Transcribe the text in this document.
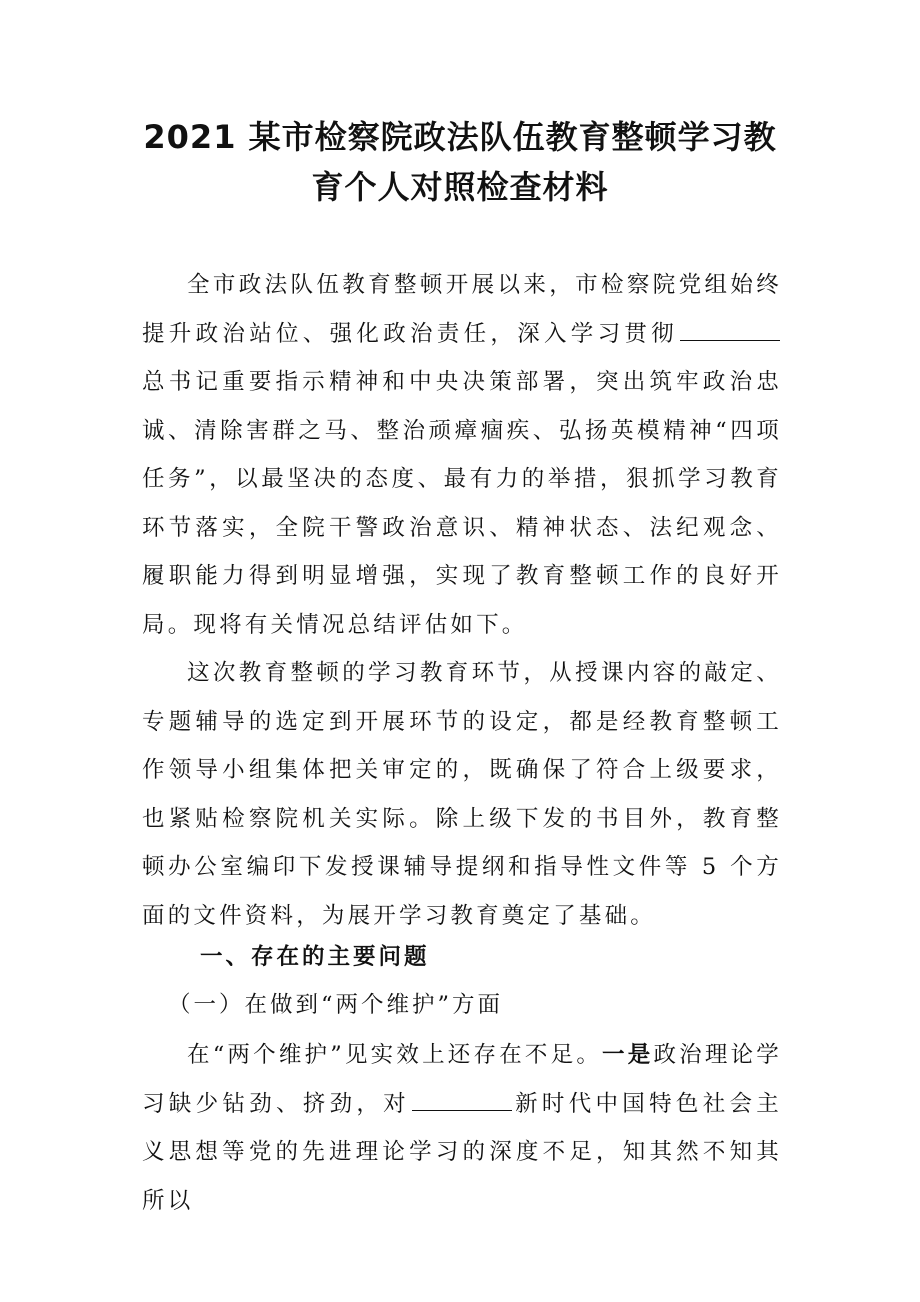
2021 某市检察院政法队伍教育整顿学习教
育个人对照检查材料

全市政法队伍教育整顿开展以来，市检察院党组始终提升政治站位、强化政治责任，深入学习贯彻总书记重要指示精神和中央决策部署，突出筑牢政治忠诚、清除害群之马、整治顽瘴痼疾、弘扬英模精神“四项任务”，以最坚决的态度、最有力的举措，狠抓学习教育环节落实，全院干警政治意识、精神状态、法纪观念、履职能力得到明显增强，实现了教育整顿工作的良好开局。现将有关情况总结评估如下。

这次教育整顿的学习教育环节，从授课内容的敲定、专题辅导的选定到开展环节的设定，都是经教育整顿工作领导小组集体把关审定的，既确保了符合上级要求，也紧贴检察院机关实际。除上级下发的书目外，教育整顿办公室编印下发授课辅导提纲和指导性文件等 5 个方面的文件资料，为展开学习教育奠定了基础。

一、存在的主要问题
（一）在做到“两个维护”方面

在“两个维护”见实效上还存在不足。一是政治理论学习缺少钻劲、挤劲，对	新时代中国特色社会主义思想等党的先进理论学习的深度不足，知其然不知其所以
